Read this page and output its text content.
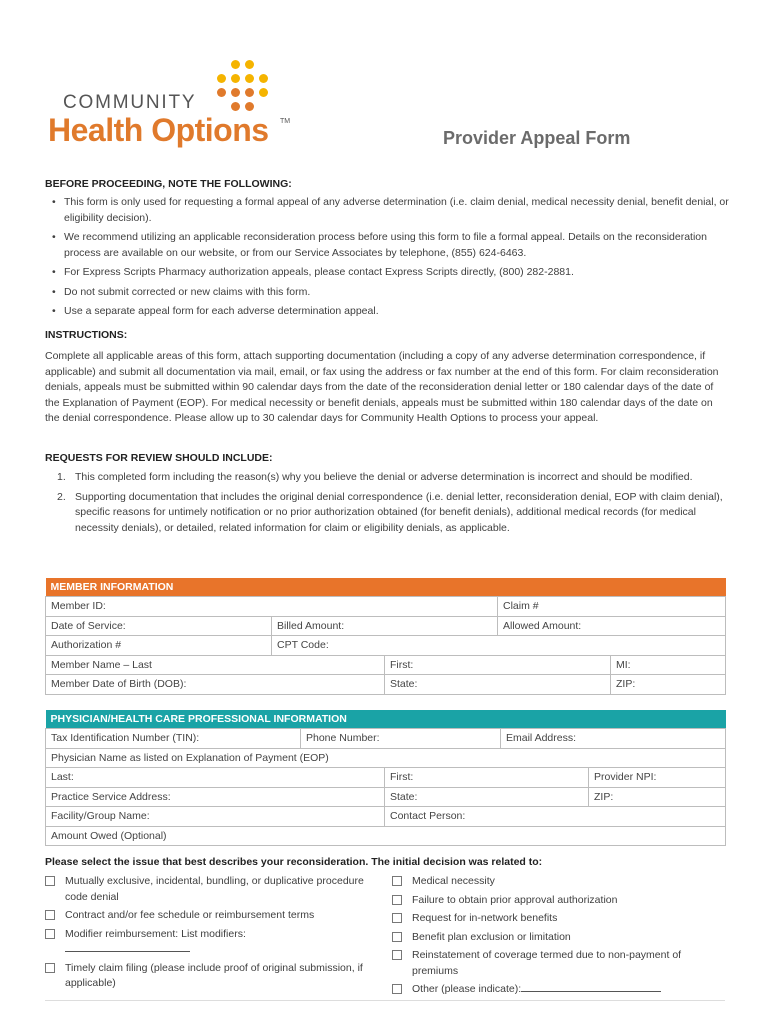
COMMUNITY
Health Options TM
Provider Appeal Form
BEFORE PROCEEDING, NOTE THE FOLLOWING:
• This form is only used for requesting a formal appeal of any adverse determination (i.e. claim denial, medical necessity denial, benefit denial, or eligibility decision).
• We recommend utilizing an applicable reconsideration process before using this form to file a formal appeal. Details on the reconsideration process are available on our website, or from our Service Associates by telephone, (855) 624-6463.
• For Express Scripts Pharmacy authorization appeals, please contact Express Scripts directly, (800) 282-2881.
• Do not submit corrected or new claims with this form.
• Use a separate appeal form for each adverse determination appeal.
INSTRUCTIONS:
Complete all applicable areas of this form, attach supporting documentation (including a copy of any adverse determination correspondence, if applicable) and submit all documentation via mail, email, or fax using the address or fax number at the end of this form. For claim reconsideration denials, appeals must be submitted within 90 calendar days from the date of the reconsideration denial letter or 180 calendar days of the date of the Explanation of Payment (EOP). For medical necessity or benefit denials, appeals must be submitted within 180 calendar days of the date on the denial correspondence. Please allow up to 30 calendar days for Community Health Options to process your appeal.
REQUESTS FOR REVIEW SHOULD INCLUDE:
1. This completed form including the reason(s) why you believe the denial or adverse determination is incorrect and should be modified.
2. Supporting documentation that includes the original denial correspondence (i.e. denial letter, reconsideration denial, EOP with claim denial), specific reasons for untimely notification or no prior authorization obtained (for benefit denials), additional medical records (for medical necessity denials), or detailed, related information for claim or eligibility denials, as applicable.
MEMBER INFORMATION				
Member ID:			Claim #	
Date of Service:	Billed Amount:		Allowed Amount:	
Authorization #	CPT Code:			
Member Name – Last		First:		MI:
Member Date of Birth (DOB):		State:		ZIP:
PHYSICIAN/HEALTH CARE PROFESSIONAL INFORMATION
Tax Identification Number (TIN):	Phone Number:	Email Address:
Physician Name as listed on Explanation of Payment (EOP)
Last:	First:	Provider NPI:
Practice Service Address:	State:	ZIP:
Facility/Group Name:	Contact Person:	
Amount Owed (Optional)		
Please select the issue that best describes your reconsideration. The initial decision was related to:
Mutually exclusive, incidental, bundling, or duplicative procedure code denial
Contract and/or fee schedule or reimbursement terms
Modifier reimbursement: List modifiers:
Timely claim filing (please include proof of original submission, if applicable)
Medical necessity
Failure to obtain prior approval authorization
Request for in-network benefits
Benefit plan exclusion or limitation
Reinstatement of coverage termed due to non-payment of premiums
Other (please indicate):
